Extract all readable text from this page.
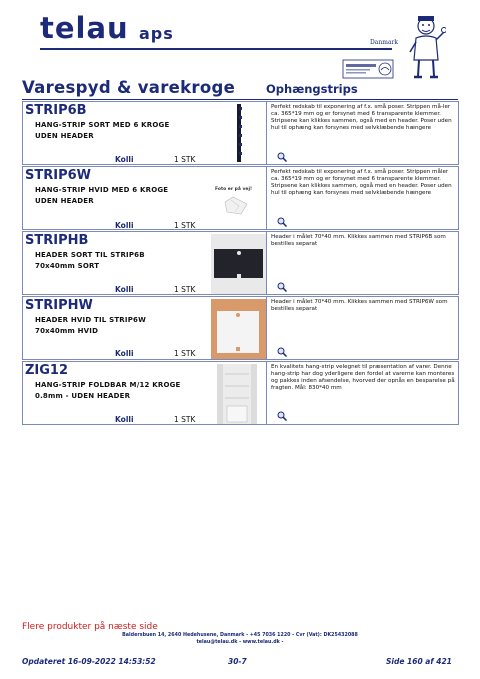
telau aps	Danmark
Varespyd & varekroge	Ophængstrips
STRIP6B
HANG-STRIP SORT MED 6 KROGE
UDEN HEADER
Kolli	1 STK
Perfekt redskab til exponering af f.x. små poser. Strippen må-ler ca. 365*19 mm og er forsynet med 6 transparente klemmer. Stripsene kan klikkes sammen, også med en header. Poser uden hul til ophæng kan forsynes med selvklæbende hængere
STRIP6W
HANG-STRIP HVID MED 6 KROGE
UDEN HEADER
Kolli	1 STK
Foto er på vej!
Perfekt redskab til exponering af f.x. små poser. Strippen måler ca. 365*19 mm og er forsynet med 6 transparente klemmer. Stripsene kan klikkes sammen, også med en header. Poser uden hul til ophæng kan forsynes med selvklæbende hængere
STRIPHB
HEADER SORT TIL STRIP6B
70x40mm SORT
Kolli	1 STK
Header i målet 70*40 mm. Klikkes sammen med STRIP6B som bestilles separat
STRIPHW
HEADER HVID TIL STRIP6W
70x40mm HVID
Kolli	1 STK
Header i målet 70*40 mm. Klikkes sammen med STRIP6W som bestilles separat
ZIG12
HANG-STRIP FOLDBAR M/12 KROGE
0.8mm - UDEN HEADER
Kolli	1 STK
En kvalitets hang-strip velegnet til præsentation af varer. Denne hang-strip har dog yderligere den fordel at varerne kan monteres og pakkes inden afsendelse, hvorved der opnås en besparelse på fragten. Mål: 830*40 mm
Flere produkter på næste side
Baldersbuen 14, 2640 Hedehusene, Danmark - +45 7036 1220 - Cvr (Vat): DK25432088
telau@telau.dk - www.telau.dk -
Opdateret 16-09-2022 14:53:52	30-7	Side 160 af 421
